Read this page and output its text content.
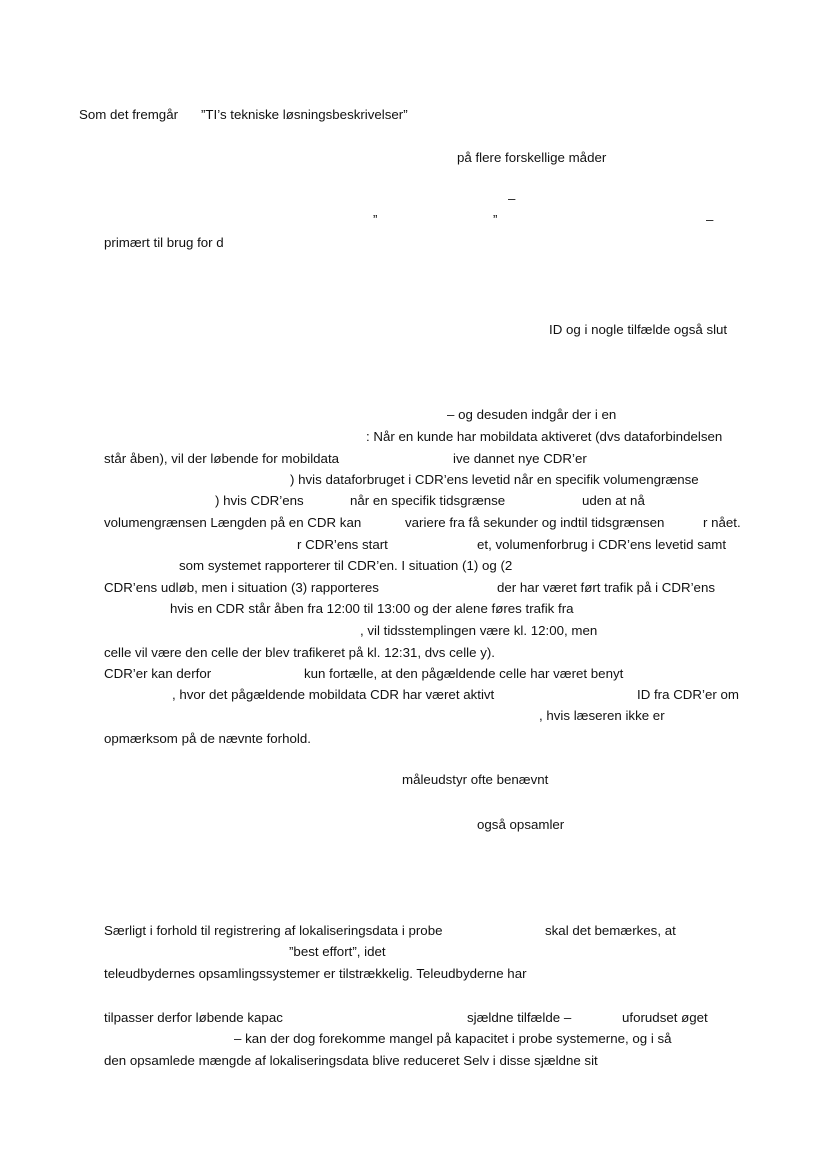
Som det fremgår ”TI’s tekniske løsningsbeskrivelser”
på flere forskellige måder
–
”	”	–
primært til brug for d
ID og i nogle tilfælde også slut
– og desuden indgår der i en
: Når en kunde har mobildata aktiveret (dvs dataforbindelsen
står åben), vil der løbende for mobildata	ive dannet nye CDR’er
) hvis dataforbruget i CDR’ens levetid når en specifik volumengrænse
) hvis CDR’ens	når en specifik tidsgrænse	uden at nå
volumengrænsen Længden på en CDR kan	variere fra få sekunder og indtil tidsgrænsen	r nået.
r CDR’ens start	et, volumenforbrug i CDR’ens levetid samt
som systemet rapporterer til CDR’en. I situation (1) og (2
CDR’ens udløb, men i situation (3) rapporteres	der har været ført trafik på i CDR’ens
hvis en CDR står åben fra 12:00 til 13:00 og der alene føres trafik fra
, vil tidsstemplingen være kl. 12:00, men
celle vil være den celle der blev trafikeret på kl. 12:31, dvs celle y).
CDR’er kan derfor	kun fortælle, at den pågældende celle har været benyt
, hvor det pågældende mobildata CDR har været aktivt	ID fra CDR’er om
, hvis læseren ikke er
opmærksom på de nævnte forhold.
måleudstyr ofte benævnt
også opsamler
Særligt i forhold til registrering af lokaliseringsdata i probe	skal det bemærkes, at
”best effort”, idet
teleudbydernes opsamlingssystemer er tilstrækkelig. Teleudbyderne har
tilpasser derfor løbende kapac	sjældne tilfælde –	uforudset øget
– kan der dog forekomme mangel på kapacitet i probe systemerne, og i så
den opsamlede mængde af lokaliseringsdata blive reduceret Selv i disse sjældne sit
